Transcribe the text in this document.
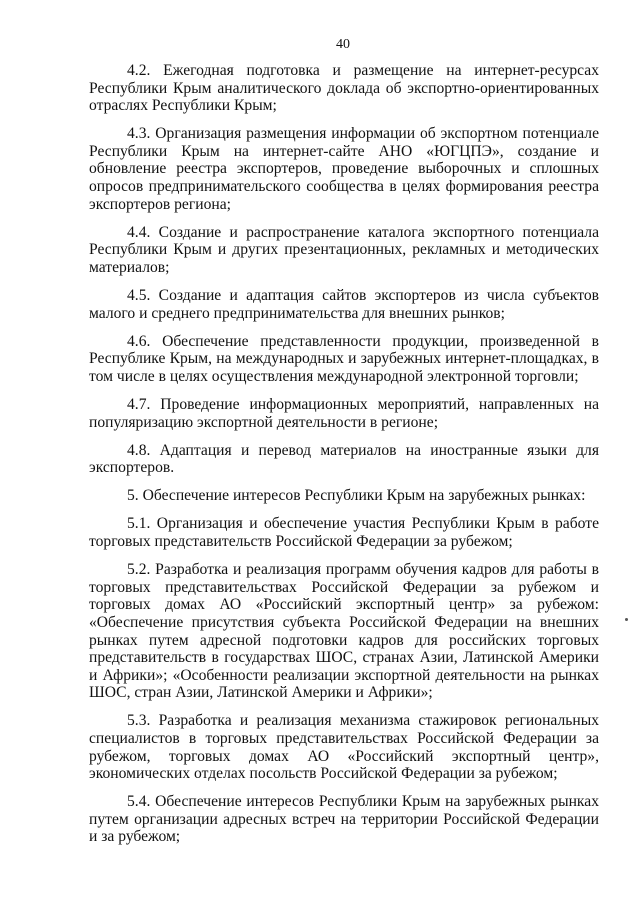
40

4.2. Ежегодная подготовка и размещение на интернет-ресурсах Республики Крым аналитического доклада об экспортно-ориентированных отраслях Республики Крым;

4.3. Организация размещения информации об экспортном потенциале Республики Крым на интернет-сайте АНО «ЮГЦПЭ», создание и обновление реестра экспортеров, проведение выборочных и сплошных опросов предпринимательского сообщества в целях формирования реестра экспортеров региона;

4.4. Создание и распространение каталога экспортного потенциала Республики Крым и других презентационных, рекламных и методических материалов;

4.5. Создание и адаптация сайтов экспортеров из числа субъектов малого и среднего предпринимательства для внешних рынков;

4.6. Обеспечение представленности продукции, произведенной в Республике Крым, на международных и зарубежных интернет-площадках, в том числе в целях осуществления международной электронной торговли;

4.7. Проведение информационных мероприятий, направленных на популяризацию экспортной деятельности в регионе;

4.8. Адаптация и перевод материалов на иностранные языки для экспортеров.

5. Обеспечение интересов Республики Крым на зарубежных рынках:

5.1. Организация и обеспечение участия Республики Крым в работе торговых представительств Российской Федерации за рубежом;

5.2. Разработка и реализация программ обучения кадров для работы в торговых представительствах Российской Федерации за рубежом и торговых домах АО «Российский экспортный центр» за рубежом: «Обеспечение присутствия субъекта Российской Федерации на внешних рынках путем адресной подготовки кадров для российских торговых представительств в государствах ШОС, странах Азии, Латинской Америки и Африки»; «Особенности реализации экспортной деятельности на рынках ШОС, стран Азии, Латинской Америки и Африки»;

5.3. Разработка и реализация механизма стажировок региональных специалистов в торговых представительствах Российской Федерации за рубежом, торговых домах АО «Российский экспортный центр», экономических отделах посольств Российской Федерации за рубежом;

5.4. Обеспечение интересов Республики Крым на зарубежных рынках путем организации адресных встреч на территории Российской Федерации и за рубежом;
